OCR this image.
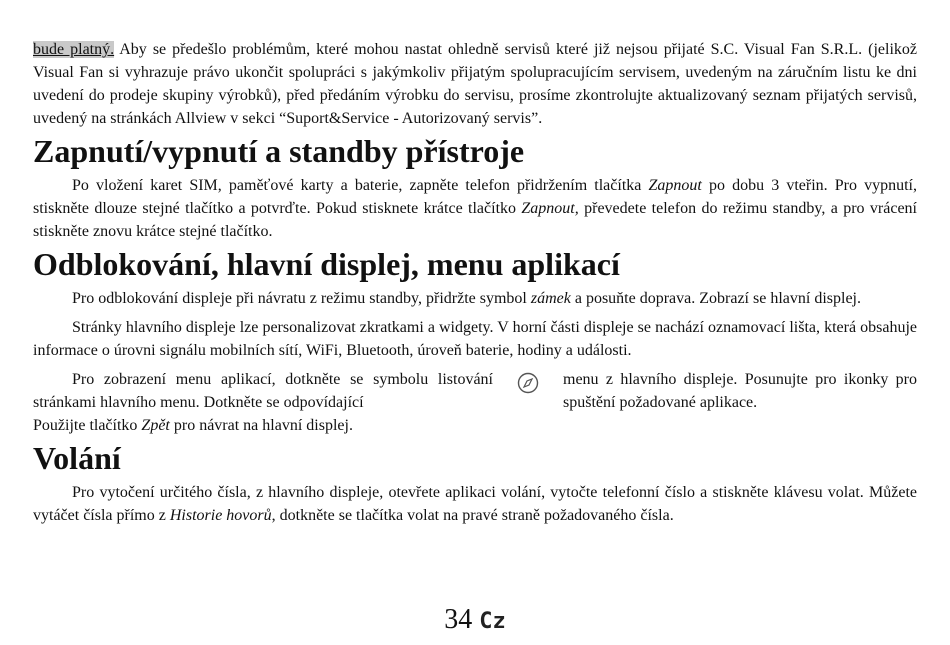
bude platný. Aby se předešlo problémům, které mohou nastat ohledně servisů které již nejsou přijaté S.C. Visual Fan S.R.L. (jelikož Visual Fan si vyhrazuje právo ukončit spolupráci s jakýmkoliv přijatým spolupracujícím servisem, uvedeným na záručním listu ke dni uvedení do prodeje skupiny výrobků), před předáním výrobku do servisu, prosíme zkontrolujte aktualizovaný seznam přijatých servisů, uvedený na stránkách Allview v sekci “Suport&Service - Autorizovaný servis”.

Zapnutí/vypnutí a standby přístroje

Po vložení karet SIM, paměťové karty a baterie, zapněte telefon přidržením tlačítka Zapnout po dobu 3 vteřin. Pro vypnutí, stiskněte dlouze stejné tlačítko a potvrďte. Pokud stisknete krátce tlačítko Zapnout, převedete telefon do režimu standby, a pro vrácení stiskněte znovu krátce stejné tlačítko.

Odblokování, hlavní displej, menu aplikací

Pro odblokování displeje při návratu z režimu standby, přidržte symbol zámek a posuňte doprava. Zobrazí se hlavní displej.

Stránky hlavního displeje lze personalizovat zkratkami a widgety. V horní části displeje se nachází oznamovací lišta, která obsahuje informace o úrovni signálu mobilních sítí, WiFi, Bluetooth, úroveň baterie, hodiny a události.

Pro zobrazení menu aplikací, dotkněte se symbolu listování stránkami hlavního menu. Dotkněte se odpovídající

menu z hlavního displeje. Posunujte pro ikonky pro spuštění požadované aplikace.

Použijte tlačítko Zpět pro návrat na hlavní displej.

Volání

Pro vytočení určitého čísla, z hlavního displeje, otevřete aplikaci volání, vytočte telefonní číslo a stiskněte klávesu volat. Můžete vytáčet čísla přímo z Historie hovorů, dotkněte se tlačítka volat na pravé straně požadovaného čísla.

34 Cz
